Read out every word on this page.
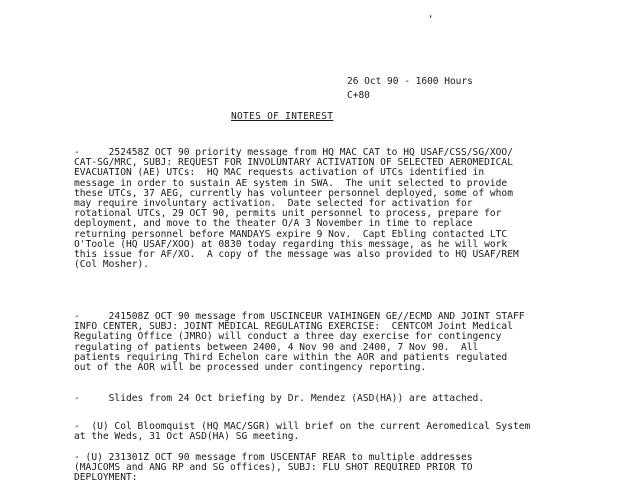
‚
26 Oct 90 - 1600 Hours
C+80
NOTES OF INTEREST

-     252458Z OCT 90 priority message from HQ MAC CAT to HQ USAF/CSS/SG/XOO/

CAT-SG/MRC, SUBJ: REQUEST FOR INVOLUNTARY ACTIVATION OF SELECTED AEROMEDICAL

EVACUATION (AE) UTCs:  HQ MAC requests activation of UTCs identified in

message in order to sustain AE system in SWA.  The unit selected to provide

these UTCs, 37 AEG, currently has volunteer personnel deployed, some of whom

may require involuntary activation.  Date selected for activation for

rotational UTCs, 29 OCT 90, permits unit personnel to process, prepare for

deployment, and move to the theater O/A 3 November in time to replace

returning personnel before MANDAYS expire 9 Nov.  Capt Ebling contacted LTC

O'Toole (HQ USAF/XOO) at 0830 today regarding this message, as he will work

this issue for AF/XO.  A copy of the message was also provided to HQ USAF/REM

(Col Mosher).

-     241508Z OCT 90 message from USCINCEUR VAIHINGEN GE//ECMD AND JOINT STAFF

INFO CENTER, SUBJ: JOINT MEDICAL REGULATING EXERCISE:  CENTCOM Joint Medical

Regulating Office (JMRO) will conduct a three day exercise for contingency

regulating of patients between 2400, 4 Nov 90 and 2400, 7 Nov 90.  All

patients requiring Third Echelon care within the AOR and patients regulated

out of the AOR will be processed under contingency reporting.

-     Slides from 24 Oct briefing by Dr. Mendez (ASD(HA)) are attached.

-  (U) Col Bloomquist (HQ MAC/SGR) will brief on the current Aeromedical System

at the Weds, 31 Oct ASD(HA) SG meeting.

- (U) 231301Z OCT 90 message from USCENTAF REAR to multiple addresses

(MAJCOMS and ANG RP and SG offices), SUBJ: FLU SHOT REQUIRED PRIOR TO

DEPLOYMENT:
